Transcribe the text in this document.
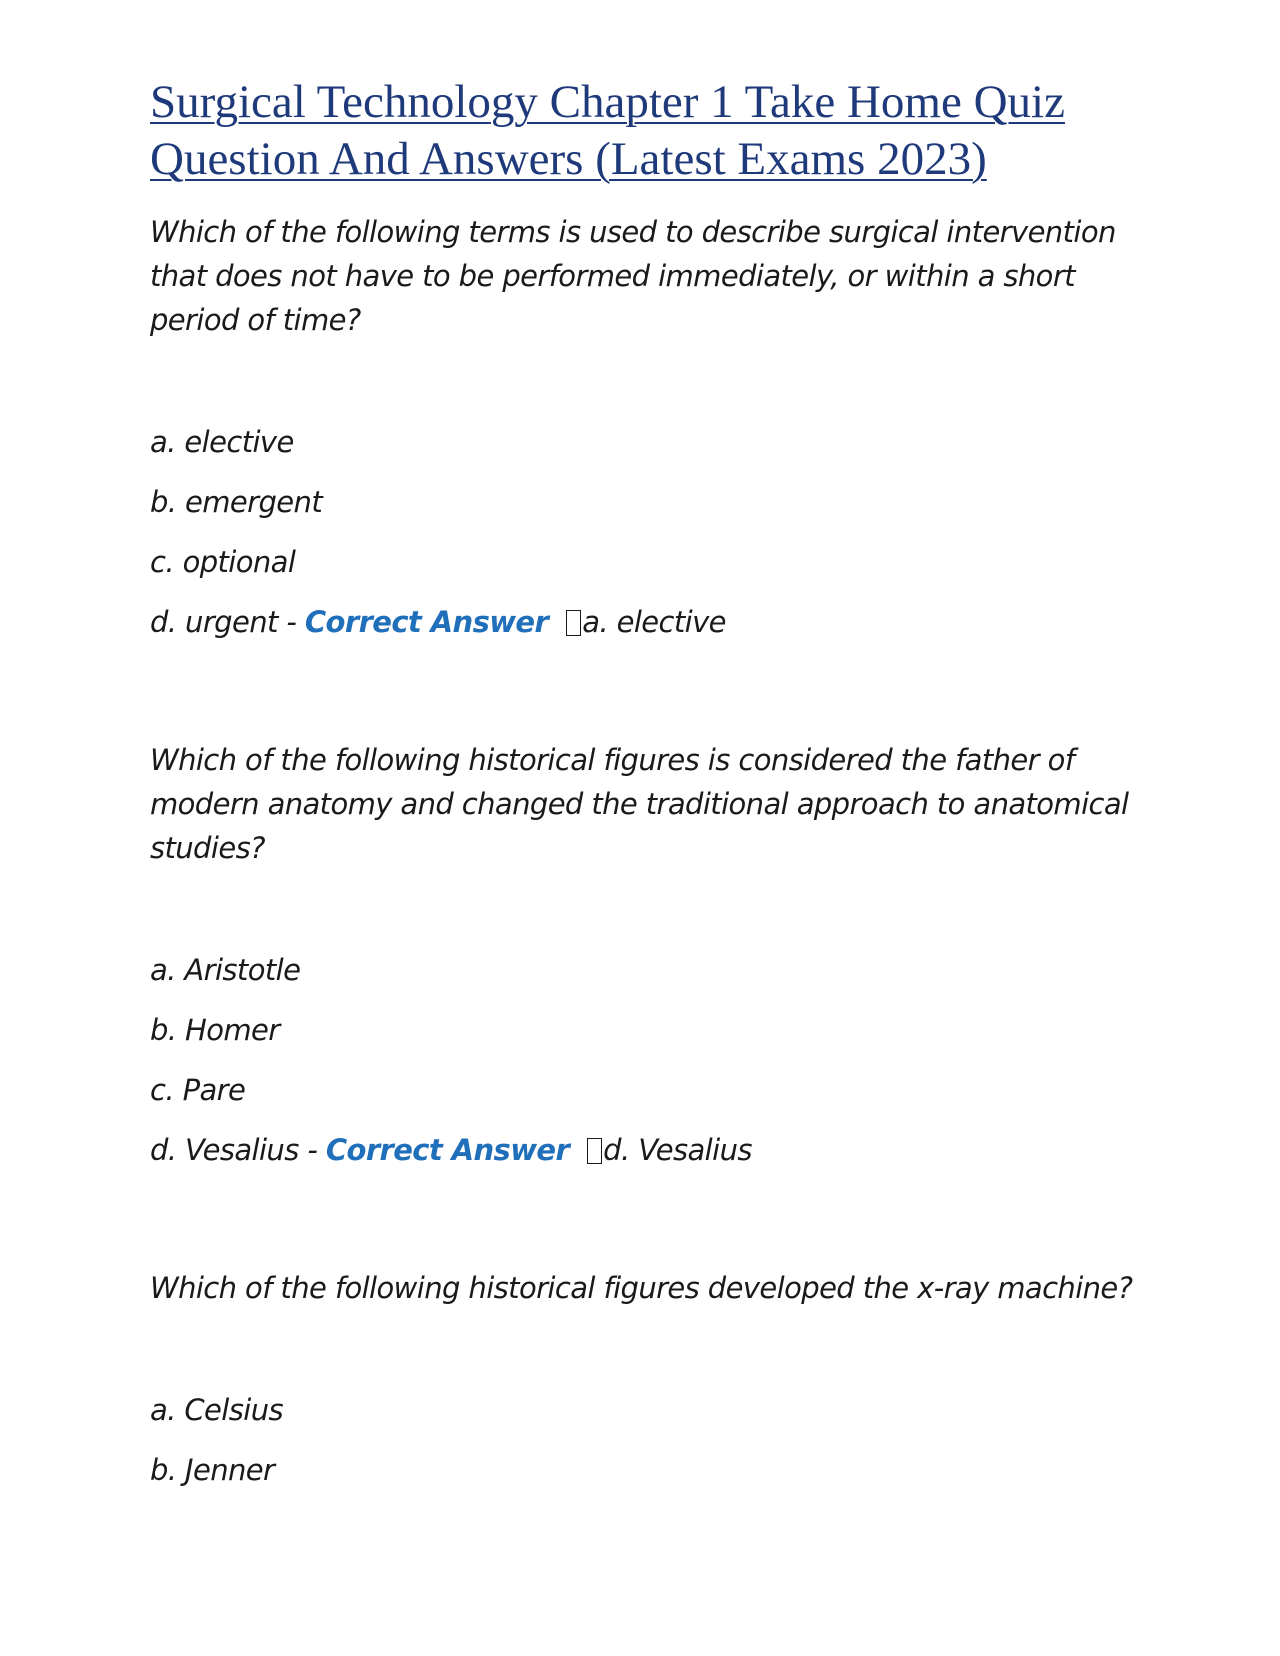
Surgical Technology Chapter 1 Take Home Quiz Question And Answers (Latest Exams 2023)

Which of the following terms is used to describe surgical intervention that does not have to be performed immediately, or within a short period of time?

a. elective

b. emergent

c. optional

d. urgent - Correct Answer a. elective

Which of the following historical figures is considered the father of modern anatomy and changed the traditional approach to anatomical studies?

a. Aristotle

b. Homer

c. Pare

d. Vesalius - Correct Answer d. Vesalius

Which of the following historical figures developed the x-ray machine?

a. Celsius

b. Jenner
